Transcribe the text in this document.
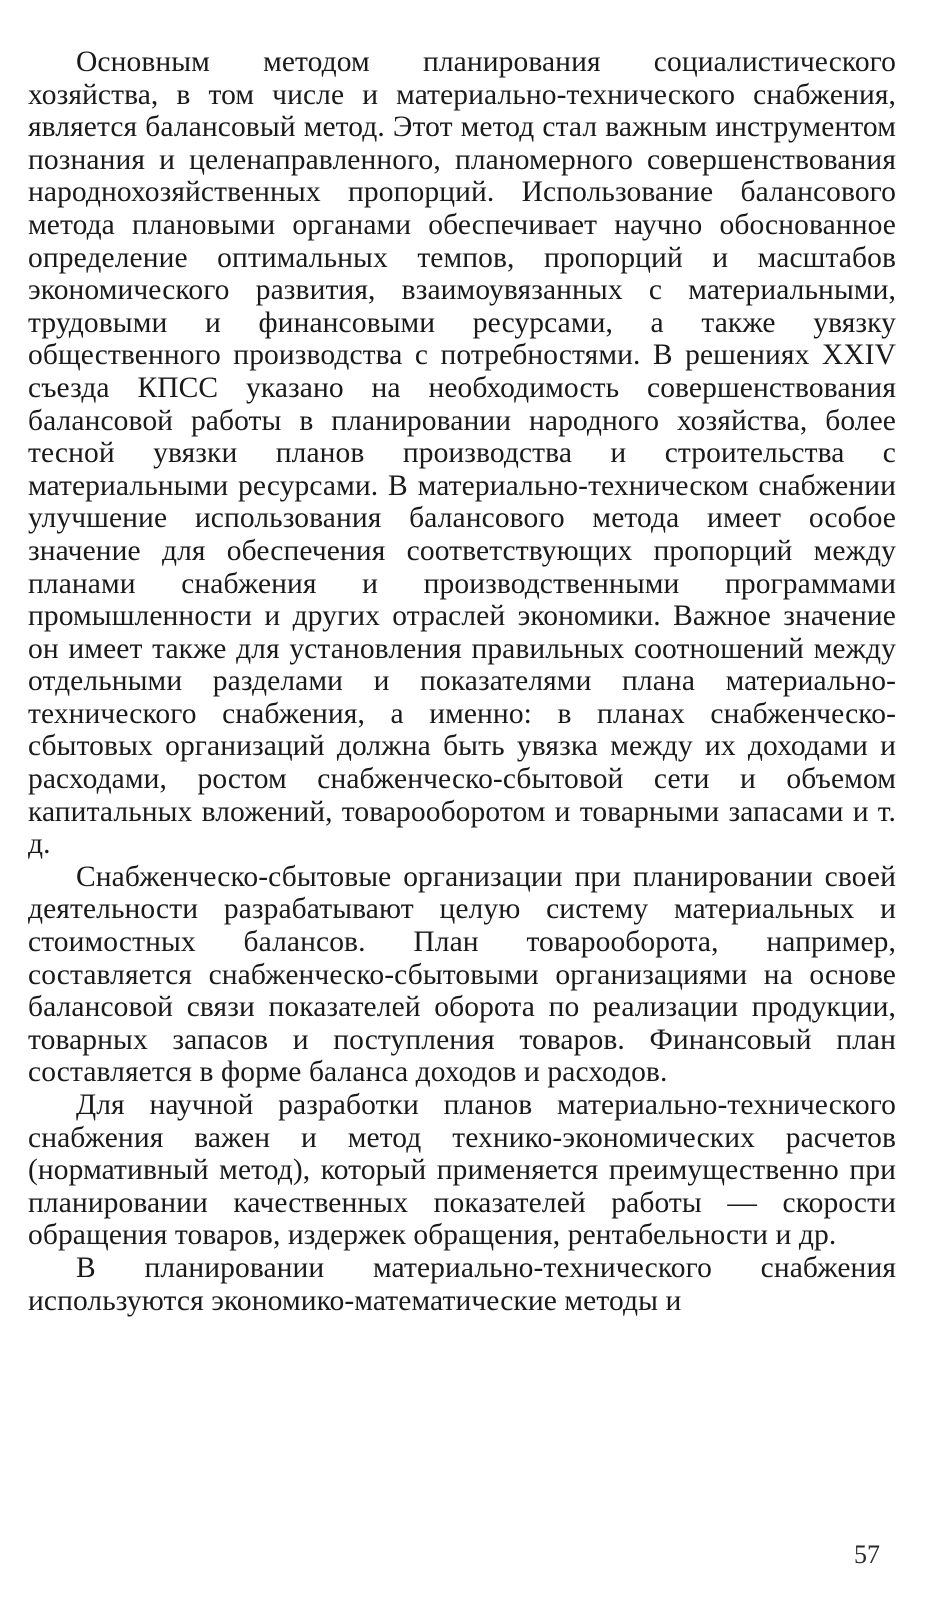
Основным методом планирования социалистического хозяйства, в том числе и материально-технического снабжения, является балансовый метод. Этот метод стал важным инструментом познания и целенаправленного, планомерного совершенствования народнохозяйственных пропорций. Использование балансового метода плановыми органами обеспечивает научно обоснованное определение оптимальных темпов, пропорций и масштабов экономического развития, взаимоувязанных с материальными, трудовыми и финансовыми ресурсами, а также увязку общественного производства с потребностями. В решениях XXIV съезда КПСС указано на необходимость совершенствования балансовой работы в планировании народного хозяйства, более тесной увязки планов производства и строительства с материальными ресурсами. В материально-техническом снабжении улучшение использования балансового метода имеет особое значение для обеспечения соответствующих пропорций между планами снабжения и производственными программами промышленности и других отраслей экономики. Важное значение он имеет также для установления правильных соотношений между отдельными разделами и показателями плана материально-технического снабжения, а именно: в планах снабженческо-сбытовых организаций должна быть увязка между их доходами и расходами, ростом снабженческо-сбытовой сети и объемом капитальных вложений, товарооборотом и товарными запасами и т. д.

Снабженческо-сбытовые организации при планировании своей деятельности разрабатывают целую систему материальных и стоимостных балансов. План товарооборота, например, составляется снабженческо-сбытовыми организациями на основе балансовой связи показателей оборота по реализации продукции, товарных запасов и поступления товаров. Финансовый план составляется в форме баланса доходов и расходов.

Для научной разработки планов материально-технического снабжения важен и метод технико-экономических расчетов (нормативный метод), который применяется преимущественно при планировании качественных показателей работы — скорости обращения товаров, издержек обращения, рентабельности и др.

В планировании материально-технического снабжения используются экономико-математические методы и

57
